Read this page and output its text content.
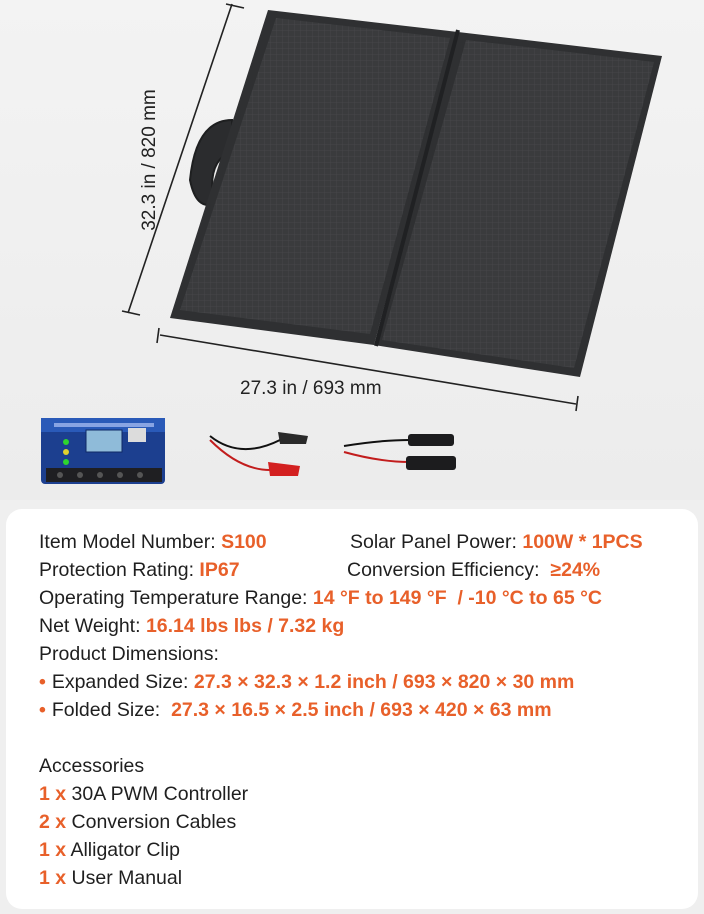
32.3 in / 820 mm
27.3 in / 693 mm
Item Model Number: S100	Solar Panel Power: 100W * 1PCS
Protection Rating: IP67	Conversion Efficiency:  ≥24%
Operating Temperature Range: 14 °F to 149 °F  / -10 °C to 65 °C
Net Weight: 16.14 lbs lbs / 7.32 kg
Product Dimensions:
• Expanded Size: 27.3 × 32.3 × 1.2 inch / 693 × 820 × 30 mm
• Folded Size:  27.3 × 16.5 × 2.5 inch / 693 × 420 × 63 mm
Accessories
1 x 30A PWM Controller
2 x Conversion Cables
1 x Alligator Clip
1 x User Manual
